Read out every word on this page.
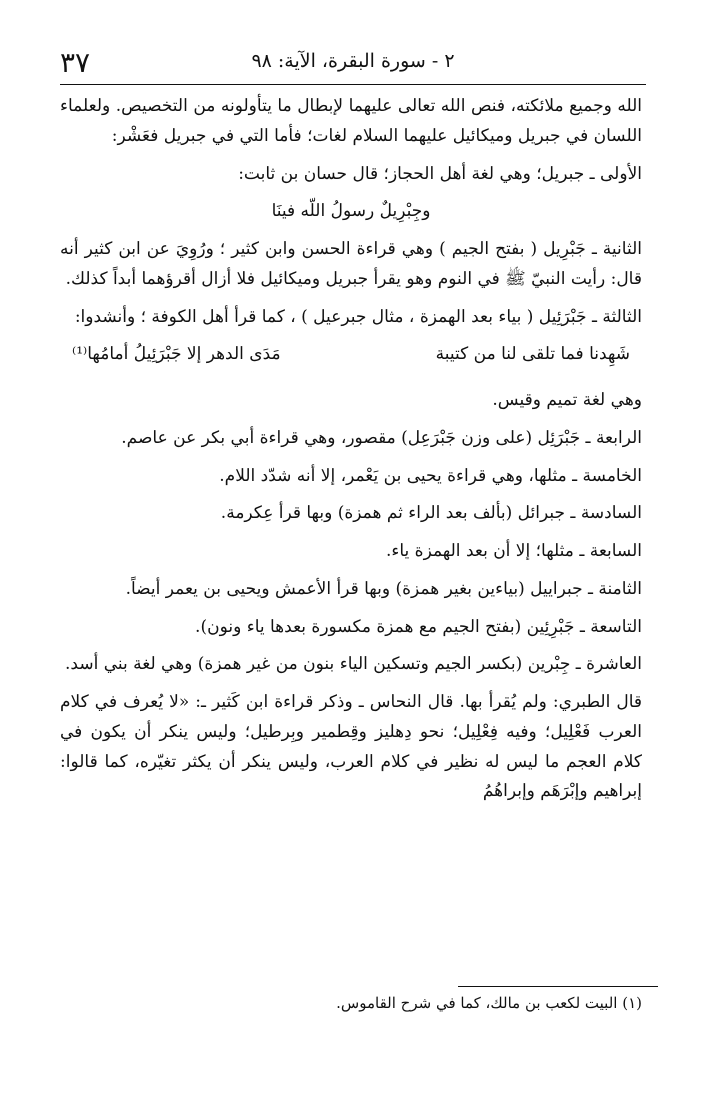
٣٧	٢ - سورة البقرة، الآية: ٩٨

الله وجميع ملائكته، فنص الله تعالى عليهما لإبطال ما يتأولونه من التخصيص. ولعلماء اللسان في جبريل وميكائيل عليهما السلام لغات؛ فأما التي في جبريل فعَشْر:

الأولى ـ جبريل؛ وهي لغة أهل الحجاز؛ قال حسان بن ثابت:

وجِبْرِيلٌ رسولُ اللّه فينَا

الثانية ـ جَبْرِيل ( بفتح الجيم ) وهي قراءة الحسن وابن كثير ؛ ورُوِيَ عن ابن كثير أنه قال: رأيت النبيّ ﷺ في النوم وهو يقرأ جبريل وميكائيل فلا أزال أقرؤهما أبداً كذلك.

الثالثة ـ جَبْرَئِيل ( بياء بعد الهمزة ، مثال جبرعيل ) ، كما قرأ أهل الكوفة ؛ وأنشدوا:

شَهِدنا فما تلقى لنا من كتيبة
مَدَى الدهر إلا جَبْرَئِيلُ أمامُها⁽¹⁾

وهي لغة تميم وقيس.

الرابعة ـ جَبْرَئِل (على وزن جَبْرَعِل) مقصور، وهي قراءة أبي بكر عن عاصم.

الخامسة ـ مثلها، وهي قراءة يحيى بن يَعْمر، إلا أنه شدّد اللام.

السادسة ـ جبرائل (بألف بعد الراء ثم همزة) وبها قرأ عِكرمة.

السابعة ـ مثلها؛ إلا أن بعد الهمزة ياء.

الثامنة ـ جبراييل (بياءين بغير همزة) وبها قرأ الأعمش ويحيى بن يعمر أيضاً.

التاسعة ـ جَبْرِئِين (بفتح الجيم مع همزة مكسورة بعدها ياء ونون).

العاشرة ـ جِبْرين (بكسر الجيم وتسكين الياء بنون من غير همزة) وهي لغة بني أسد.

قال الطبري: ولم يُقرأ بها. قال النحاس ـ وذكر قراءة ابن كَثير ـ: «لا يُعرف في كلام العرب فَعْلِيل؛ وفيه فِعْلِيل؛ نحو دِهليز وقِطمير وبِرطيل؛ وليس ينكر أن يكون في كلام العجم ما ليس له نظير في كلام العرب، وليس ينكر أن يكثر تغيّره، كما قالوا: إبراهيم وإبْرَهَم وإبراهُمُ

(١) البيت لكعب بن مالك، كما في شرح القاموس.
